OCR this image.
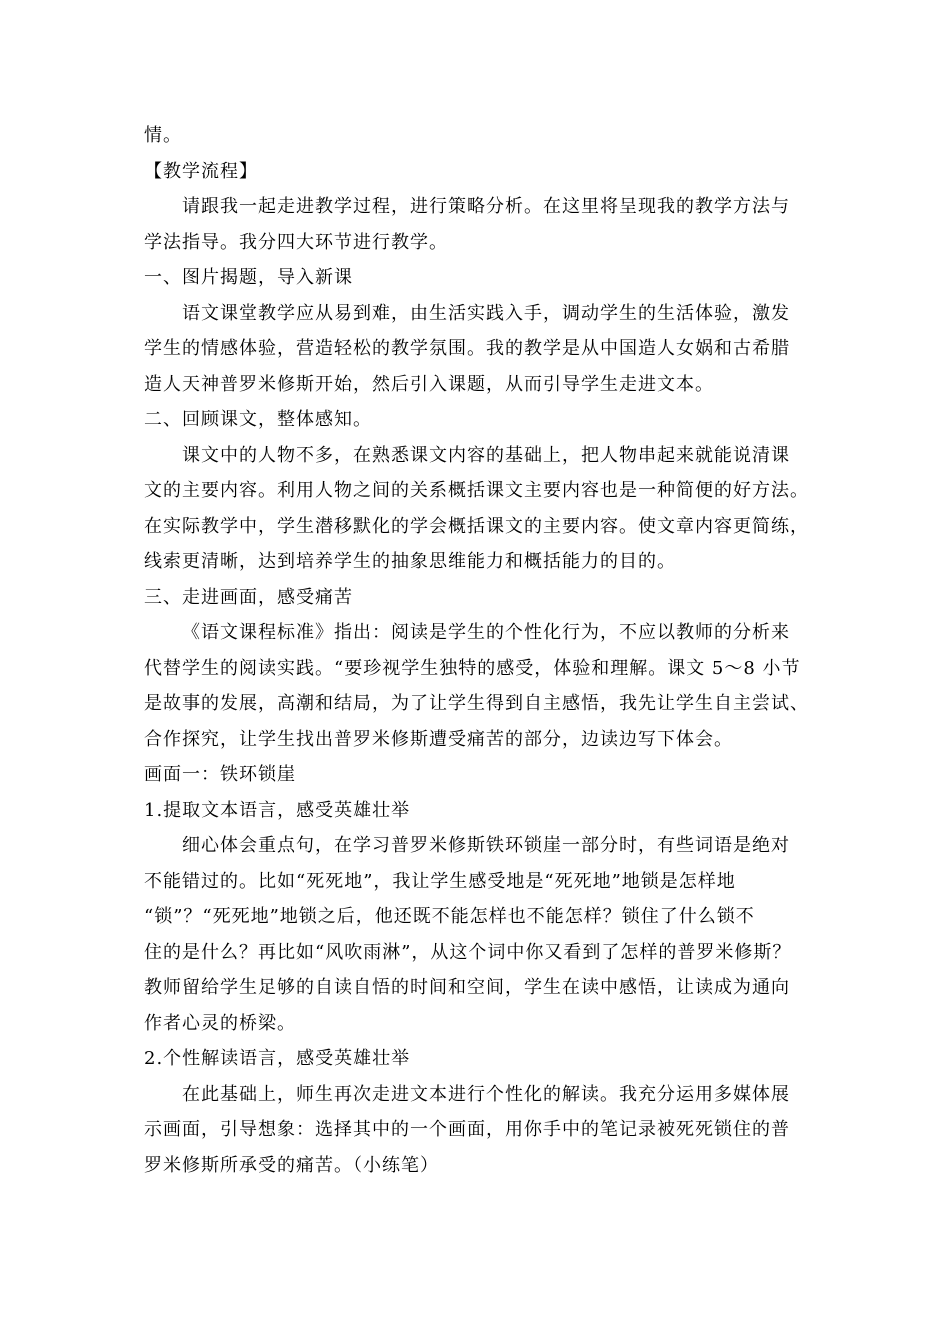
情。
【教学流程】
请跟我一起走进教学过程，进行策略分析。在这里将呈现我的教学方法与
学法指导。我分四大环节进行教学。
一、图片揭题，导入新课
语文课堂教学应从易到难，由生活实践入手，调动学生的生活体验，激发
学生的情感体验，营造轻松的教学氛围。我的教学是从中国造人女娲和古希腊
造人天神普罗米修斯开始，然后引入课题，从而引导学生走进文本。
二、回顾课文，整体感知。
课文中的人物不多，在熟悉课文内容的基础上，把人物串起来就能说清课
文的主要内容。利用人物之间的关系概括课文主要内容也是一种简便的好方法。
在实际教学中，学生潜移默化的学会概括课文的主要内容。使文章内容更简练，
线索更清晰，达到培养学生的抽象思维能力和概括能力的目的。
三、走进画面，感受痛苦
《语文课程标准》指出：阅读是学生的个性化行为，不应以教师的分析来
代替学生的阅读实践。“要珍视学生独特的感受，体验和理解。课文 5～8 小节
是故事的发展，高潮和结局，为了让学生得到自主感悟，我先让学生自主尝试、
合作探究，让学生找出普罗米修斯遭受痛苦的部分，边读边写下体会。
画面一：铁环锁崖
1.提取文本语言，感受英雄壮举
细心体会重点句，在学习普罗米修斯铁环锁崖一部分时，有些词语是绝对
不能错过的。比如“死死地”，我让学生感受地是“死死地”地锁是怎样地
“锁”？“死死地”地锁之后，他还既不能怎样也不能怎样？锁住了什么锁不
住的是什么？再比如“风吹雨淋”，从这个词中你又看到了怎样的普罗米修斯？
教师留给学生足够的自读自悟的时间和空间，学生在读中感悟，让读成为通向
作者心灵的桥梁。
2.个性解读语言，感受英雄壮举
在此基础上，师生再次走进文本进行个性化的解读。我充分运用多媒体展
示画面，引导想象：选择其中的一个画面，用你手中的笔记录被死死锁住的普
罗米修斯所承受的痛苦。（小练笔）
